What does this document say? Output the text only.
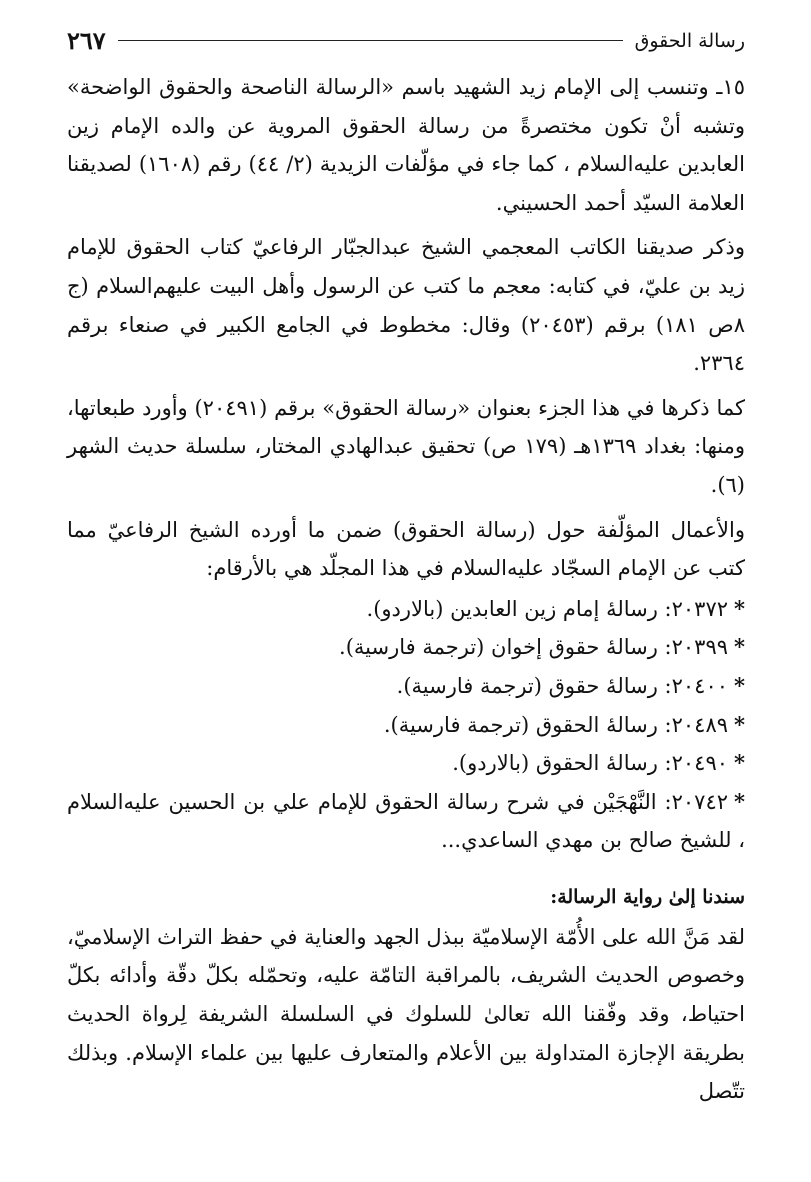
رسالة الحقوق
٢٦٧

١٥ـ وتنسب إلى الإمام زيد الشهيد باسم «الرسالة الناصحة والحقوق الواضحة» وتشبه أنْ تكون مختصرةً من رسالة الحقوق المروية عن والده الإمام زين العابدين عليه‌السلام ، كما جاء في مؤلّفات الزيدية (٢/ ٤٤) رقم (١٦٠٨) لصديقنا العلامة السيّد أحمد الحسيني.

وذكر صديقنا الكاتب المعجمي الشيخ عبدالجبّار الرفاعيّ كتاب الحقوق للإمام زيد بن عليّ، في كتابه: معجم ما كتب عن الرسول وأهل البيت عليهم‌السلام (ج ٨ص ١٨١) برقم (٢٠٤٥٣) وقال: مخطوط في الجامع الكبير في صنعاء برقم ٢٣٦٤.

كما ذكرها في هذا الجزء بعنوان «رسالة الحقوق» برقم (٢٠٤٩١) وأورد طبعاتها، ومنها: بغداد ١٣٦٩هـ (١٧٩ ص) تحقيق عبدالهادي المختار، سلسلة حديث الشهر (٦).

والأعمال المؤلّفة حول (رسالة الحقوق) ضمن ما أورده الشيخ الرفاعيّ مما كتب عن الإمام السجّاد عليه‌السلام في هذا المجلّد هي بالأرقام:

*٢٠٣٧٢: رسالهٔ إمام زين العابدين (بالاردو).
*٢٠٣٩٩: رسالهٔ حقوق إخوان (ترجمة فارسية).
*٢٠٤٠٠: رسالهٔ حقوق (ترجمة فارسية).
*٢٠٤٨٩: رسالهٔ الحقوق (ترجمة فارسية).
*٢٠٤٩٠: رسالهٔ الحقوق (بالاردو).
*٢٠٧٤٢: النَّهْجَيْن في شرح رسالة الحقوق للإمام علي بن الحسين عليه‌السلام ، للشيخ صالح بن مهدي الساعدي...
سندنا إلىٰ رواية الرسالة:

لقد مَنَّ الله على الأُمّة الإسلاميّة ببذل الجهد والعناية في حفظ التراث الإسلاميّ، وخصوص الحديث الشريف، بالمراقبة التامّة عليه، وتحمّله بكلّ دقّة وأدائه بكلّ احتياط، وقد وفّقنا الله تعالىٰ للسلوك في السلسلة الشريفة لِرواة الحديث بطريقة الإجازة المتداولة بين الأعلام والمتعارف عليها بين علماء الإسلام. وبذلك تتّصل
